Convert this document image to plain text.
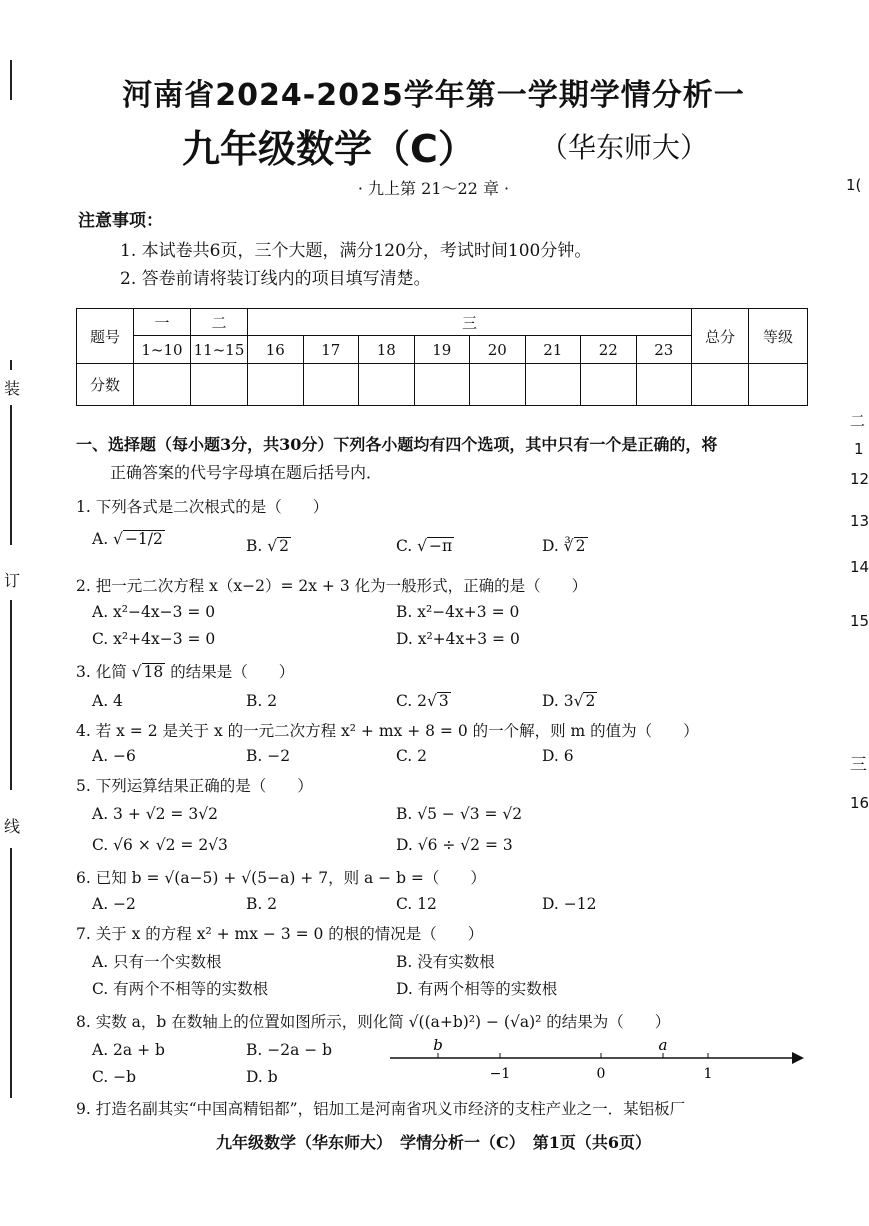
装
订
线
1(
二
1
12
13
14
15
三
16
河南省2024-2025学年第一学期学情分析一
九年级数学（C） （华东师大）
· 九上第 21～22 章 ·
注意事项：
1. 本试卷共6页，三个大题，满分120分，考试时间100分钟。
2. 答卷前请将装订线内的项目填写清楚。
题号	一	二	三								总分	等级
	1~10	11~15	16	17	18	19	20	21	22	23		
分数												
一、选择题（每小题3分，共30分）下列各小题均有四个选项，其中只有一个是正确的，将
正确答案的代号字母填在题后括号内．
1. 下列各式是二次根式的是（　　）
A. √ −1/2	B. √ 2	C. √ −π	D. ∛ 2
2. 把一元二次方程 x（x−2）= 2x + 3 化为一般形式，正确的是（　　）
A. x²−4x−3 = 0	B. x²−4x+3 = 0
C. x²+4x−3 = 0	D. x²+4x+3 = 0
3. 化简 √ 18 的结果是（　　）
A. 4	B. 2	C. 2√ 3	D. 3√ 2
4. 若 x = 2 是关于 x 的一元二次方程 x² + mx + 8 = 0 的一个解，则 m 的值为（　　）
A. −6	B. −2	C. 2	D. 6
5. 下列运算结果正确的是（　　）
A. 3 + √2 = 3√2	B. √5 − √3 = √2
C. √6 × √2 = 2√3	D. √6 ÷ √2 = 3
6. 已知 b = √(a−5) + √(5−a) + 7，则 a − b =（　　）
A. −2	B. 2	C. 12	D. −12
7. 关于 x 的方程 x² + mx − 3 = 0 的根的情况是（　　）
A. 只有一个实数根	B. 没有实数根
C. 有两个不相等的实数根	D. 有两个相等的实数根
8. 实数 a，b 在数轴上的位置如图所示，则化简 √((a+b)²) − (√a)² 的结果为（　　）
A. 2a + b	B. −2a − b
C. −b	D. b
b	a
−1	0	1
9. 打造名副其实“中国高精铝都”，铝加工是河南省巩义市经济的支柱产业之一．某铝板厂
九年级数学（华东师大）　学情分析一（C）　第1页（共6页）
